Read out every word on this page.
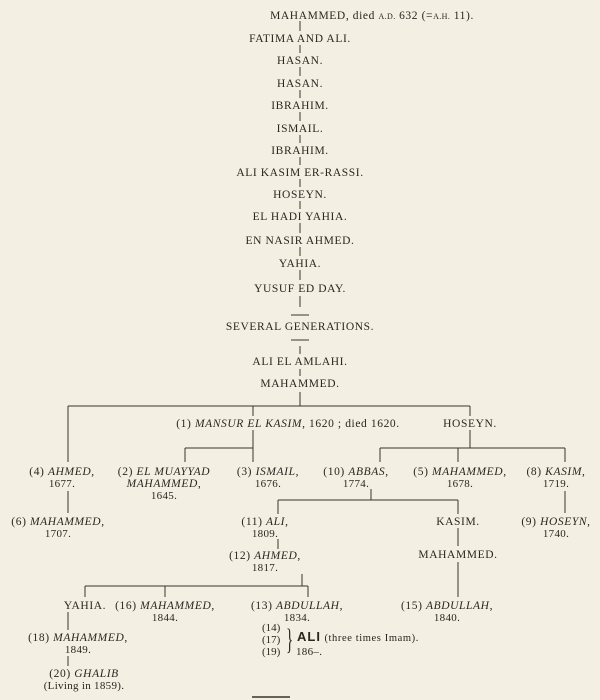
MAHAMMED, died A.D. 632 (=A.H. 11).
FATIMA AND ALI.
HASAN.
HASAN.
IBRAHIM.
ISMAIL.
IBRAHIM.
ALI KASIM ER-RASSI.
HOSEYN.
EL HADI YAHIA.
EN NASIR AHMED.
YAHIA.
YUSUF ED DAY.
SEVERAL GENERATIONS.
ALI EL AMLAHI.
MAHAMMED.
(1) MANSUR EL KASIM, 1620 ; died 1620.	HOSEYN.
(4) AHMED,
1677.
(2) EL MUAYYAD
MAHAMMED,
1645.
(3) ISMAIL,
1676.
(10) ABBAS,
1774.
(5) MAHAMMED,
1678.
(8) KASIM,
1719.
(6) MAHAMMED,
1707.
(9) HOSEYN,
1740.
(11) ALI,
1809.
KASIM.
(12) AHMED,
1817.
MAHAMMED.
YAHIA. (16) MAHAMMED,
1844.
(13) ABDULLAH,
1834.
(15) ABDULLAH,
1840.
(14)
(17)
(19) } ALI (three times Imam).
186–.
(18) MAHAMMED,
1849.
(20) GHALIB
(Living in 1859).
